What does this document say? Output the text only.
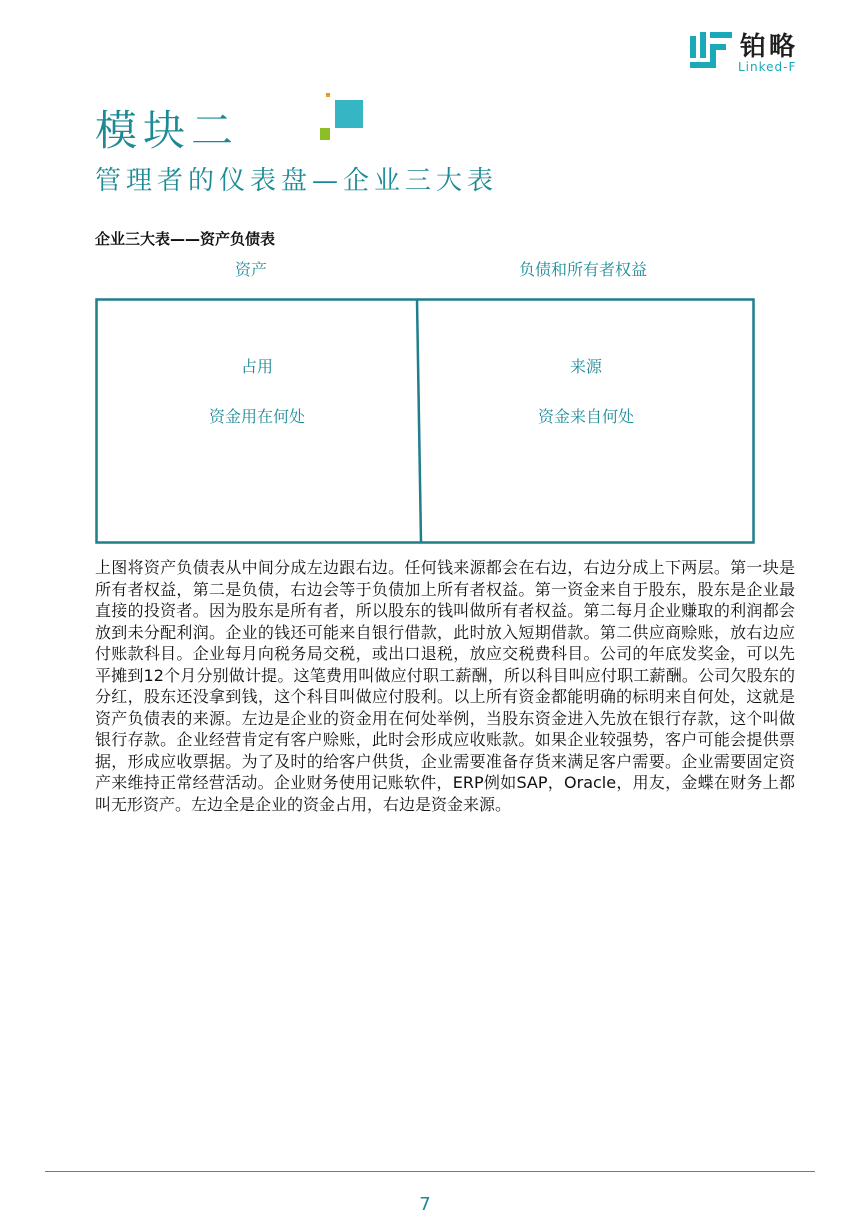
铂略
Linked-F
模块二
管理者的仪表盘—企业三大表
企业三大表——资产负债表
资产	负债和所有者权益
占用
资金用在何处
来源
资金来自何处
上图将资产负债表从中间分成左边跟右边。任何钱来源都会在右边，右边分成上下两层。第一块是所有者权益，第二是负债，右边会等于负债加上所有者权益。第一资金来自于股东，股东是企业最直接的投资者。因为股东是所有者，所以股东的钱叫做所有者权益。第二每月企业赚取的利润都会放到未分配利润。企业的钱还可能来自银行借款，此时放入短期借款。第二供应商赊账，放右边应付账款科目。企业每月向税务局交税，或出口退税，放应交税费科目。公司的年底发奖金，可以先平摊到12个月分别做计提。这笔费用叫做应付职工薪酬，所以科目叫应付职工薪酬。公司欠股东的分红，股东还没拿到钱，这个科目叫做应付股利。以上所有资金都能明确的标明来自何处，这就是资产负债表的来源。左边是企业的资金用在何处举例，当股东资金进入先放在银行存款，这个叫做银行存款。企业经营肯定有客户赊账，此时会形成应收账款。如果企业较强势，客户可能会提供票据，形成应收票据。为了及时的给客户供货，企业需要准备存货来满足客户需要。企业需要固定资产来维持正常经营活动。企业财务使用记账软件，ERP例如SAP，Oracle，用友，金蝶在财务上都叫无形资产。左边全是企业的资金占用，右边是资金来源。
7
